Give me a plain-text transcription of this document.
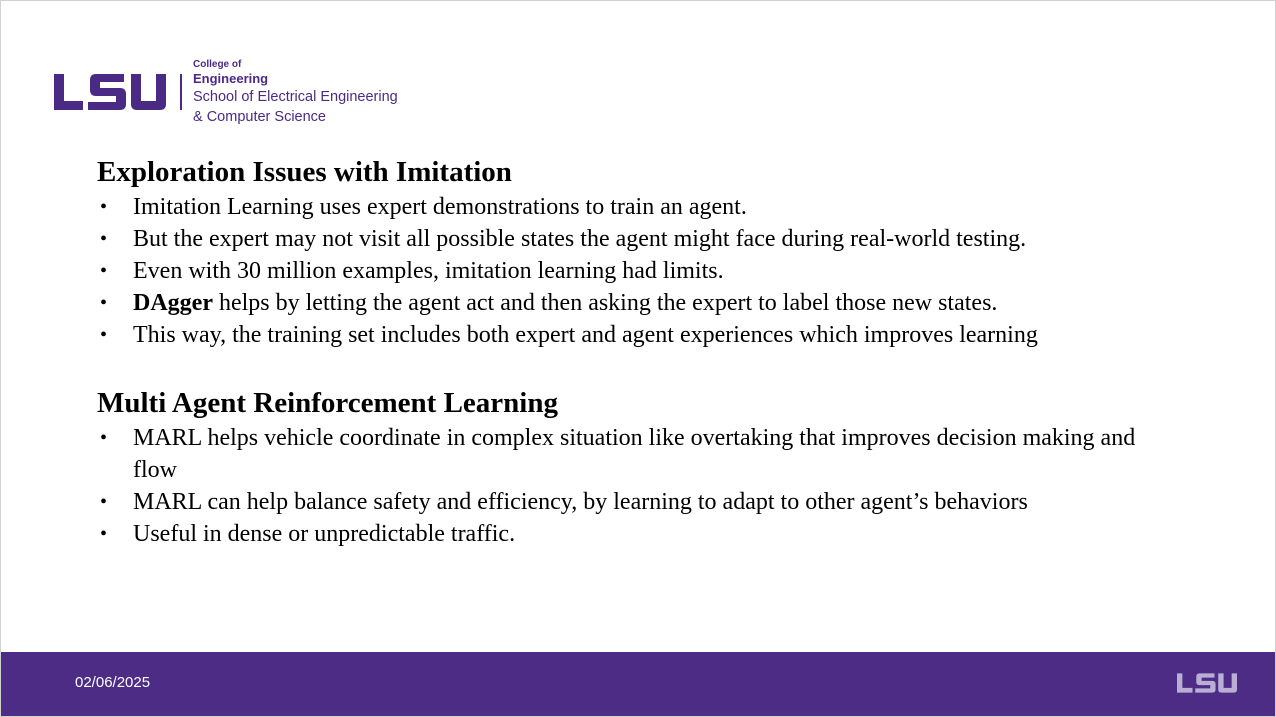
College of
Engineering
School of Electrical Engineering
& Computer Science
Exploration Issues with Imitation
• Imitation Learning uses expert demonstrations to train an agent.
• But the expert may not visit all possible states the agent might face during real-world testing.
• Even with 30 million examples, imitation learning had limits.
• DAgger helps by letting the agent act and then asking the expert to label those new states.
• This way, the training set includes both expert and agent experiences which improves learning
Multi Agent Reinforcement Learning
• MARL helps vehicle coordinate in complex situation like overtaking that improves decision making and flow
• MARL can help balance safety and efficiency, by learning to adapt to other agent’s behaviors
• Useful in dense or unpredictable traffic.
02/06/2025
